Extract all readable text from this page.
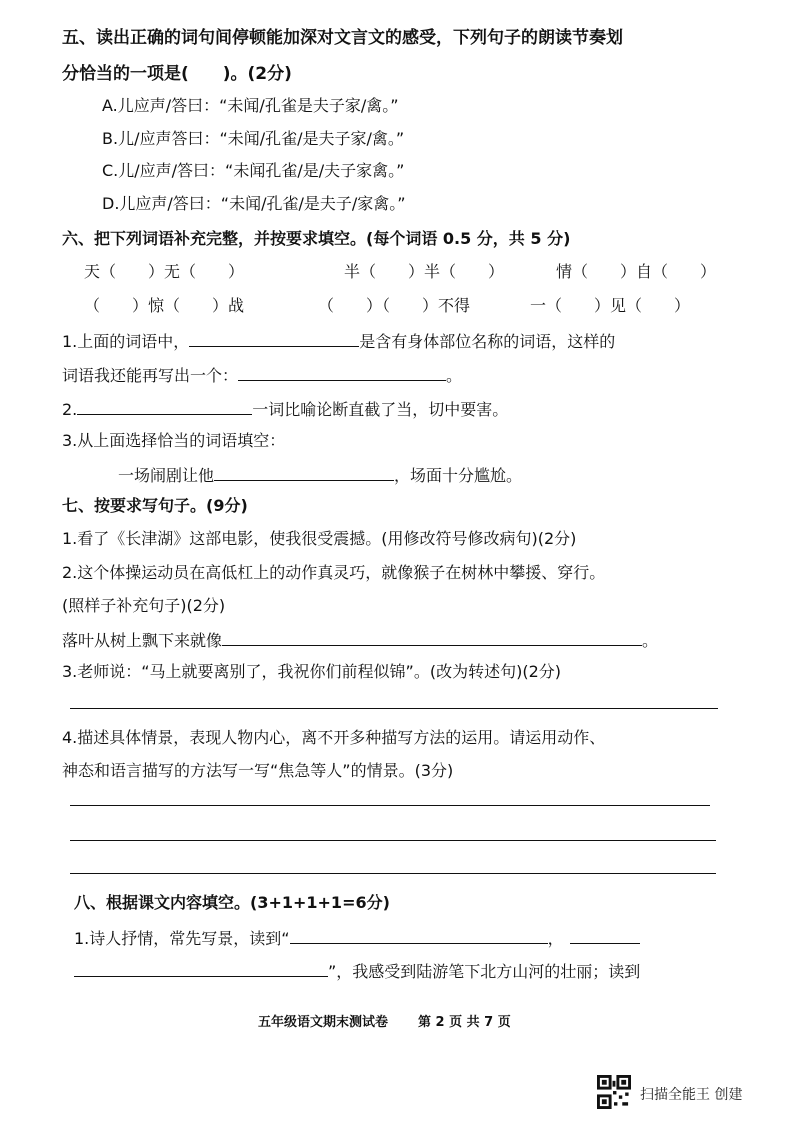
五、读出正确的词句间停顿能加深对文言文的感受，下列句子的朗读节奏划
分恰当的一项是(　　)。(2分)
A.儿应声/答曰：“未闻/孔雀是夫子家/禽。”
B.儿/应声答曰：“未闻/孔雀/是夫子家/禽。”
C.儿/应声/答曰：“未闻孔雀/是/夫子家禽。”
D.儿应声/答曰：“未闻/孔雀/是夫子/家禽。”
六、把下列词语补充完整，并按要求填空。(每个词语 0.5 分，共 5 分)
天（　　）无（　　）	半（　　）半（　　）	情（　　）自（　　）
（　　）惊（　　）战	（　　）（　　）不得	一（　　）见（　　）
1.上面的词语中，	是含有身体部位名称的词语，这样的
词语我还能再写出一个：	。
2.	一词比喻论断直截了当，切中要害。
3.从上面选择恰当的词语填空：
一场闹剧让他	，场面十分尴尬。
七、按要求写句子。(9分)
1.看了《长津湖》这部电影，使我很受震撼。(用修改符号修改病句)(2分)
2.这个体操运动员在高低杠上的动作真灵巧，就像猴子在树林中攀援、穿行。
(照样子补充句子)(2分)
落叶从树上飘下来就像	。
3.老师说：“马上就要离别了，我祝你们前程似锦”。(改为转述句)(2分)
4.描述具体情景，表现人物内心，离不开多种描写方法的运用。请运用动作、
神态和语言描写的方法写一写“焦急等人”的情景。(3分)
八、根据课文内容填空。(3+1+1+1=6分)
1.诗人抒情，常先写景，读到“	，
”，我感受到陆游笔下北方山河的壮丽；读到
五年级语文期末测试卷 第 2 页 共 7 页
扫描全能王 创建
